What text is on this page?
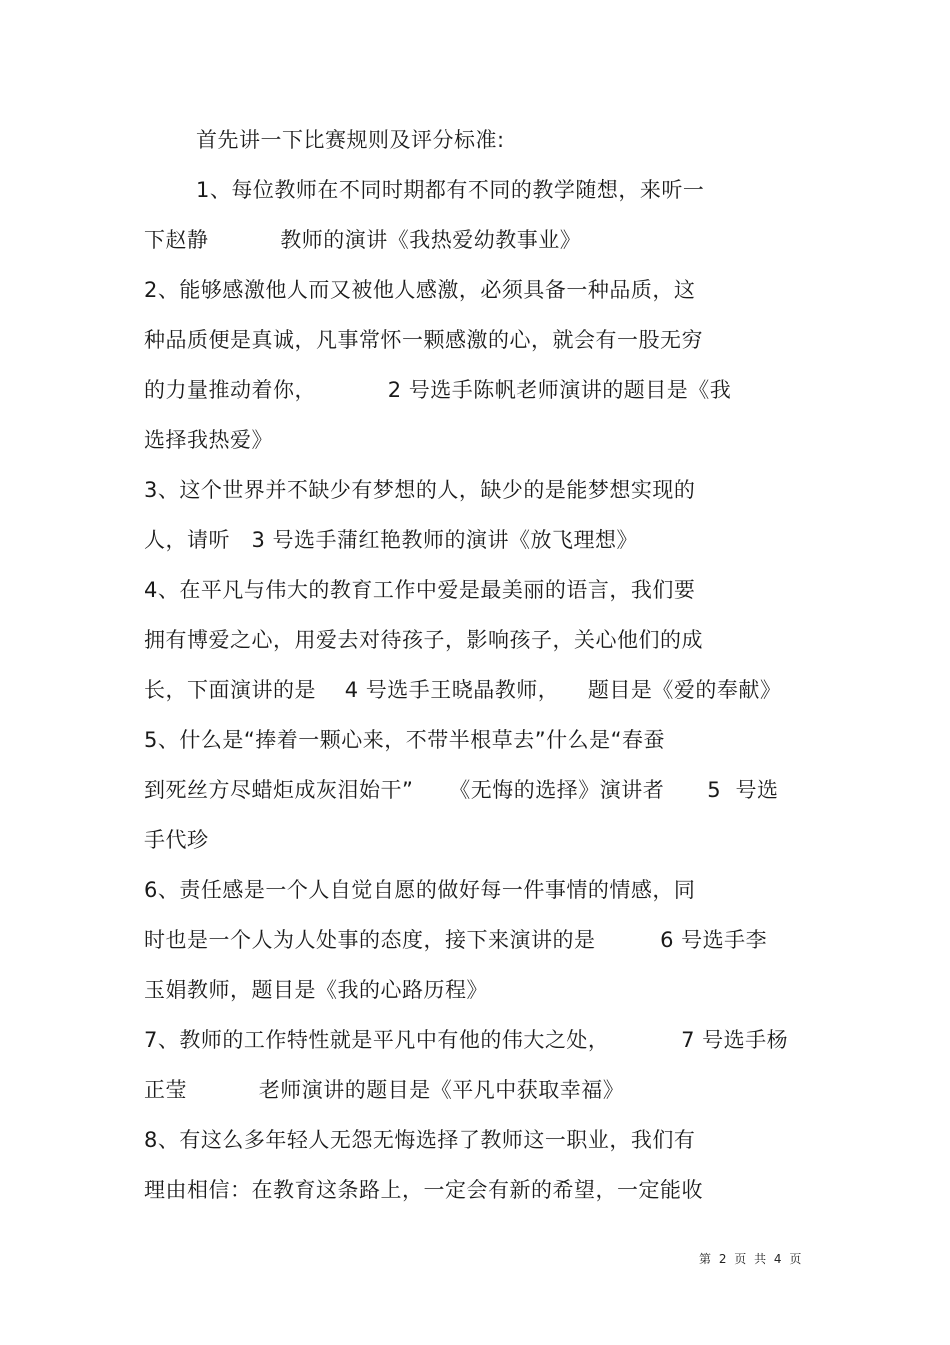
首先讲一下比赛规则及评分标准:
1、每位教师在不同时期都有不同的教学随想，来听一
下赵静          教师的演讲《我热爱幼教事业》
2、能够感激他人而又被他人感激，必须具备一种品质，这
种品质便是真诚，凡事常怀一颗感激的心，就会有一股无穷
的力量推动着你，          2 号选手陈帆老师演讲的题目是《我
选择我热爱》
3、这个世界并不缺少有梦想的人，缺少的是能梦想实现的
人，请听   3 号选手蒲红艳教师的演讲《放飞理想》
4、在平凡与伟大的教育工作中爱是最美丽的语言，我们要
拥有博爱之心，用爱去对待孩子，影响孩子，关心他们的成
长，下面演讲的是    4 号选手王晓晶教师，    题目是《爱的奉献》
5、什么是“捧着一颗心来，不带半根草去”什么是“春蚕
到死丝方尽蜡炬成灰泪始干”     《无悔的选择》演讲者      5  号选
手代珍
6、责任感是一个人自觉自愿的做好每一件事情的情感，同
时也是一个人为人处事的态度，接下来演讲的是         6 号选手李
玉娟教师，题目是《我的心路历程》
7、教师的工作特性就是平凡中有他的伟大之处，          7 号选手杨
正莹          老师演讲的题目是《平凡中获取幸福》
8、有这么多年轻人无怨无悔选择了教师这一职业，我们有
理由相信：在教育这条路上，一定会有新的希望，一定能收
第 2 页 共 4 页
